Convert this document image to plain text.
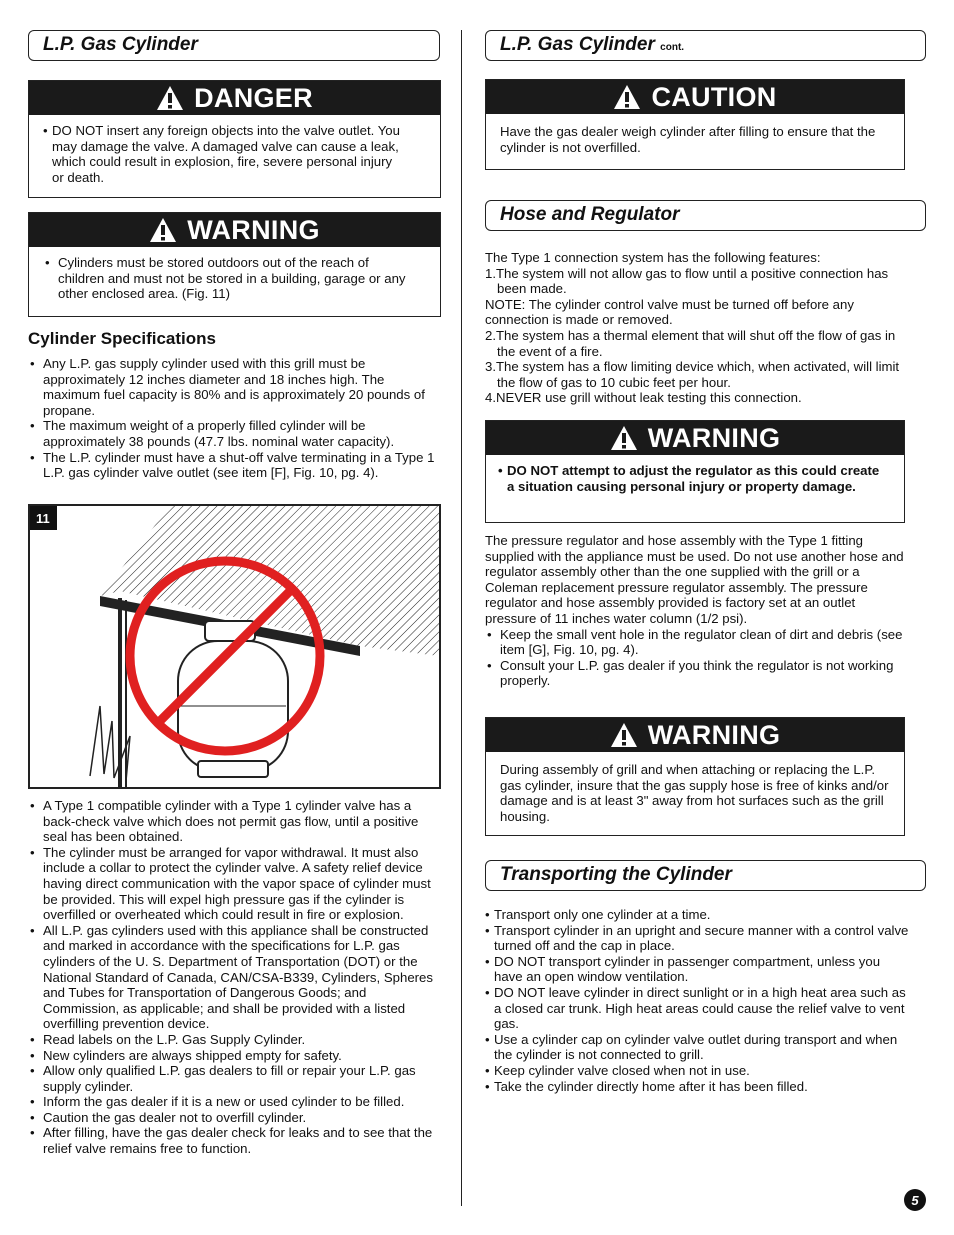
L.P. Gas Cylinder
DANGER
• DO NOT insert any foreign objects into the valve outlet. You may damage the valve. A damaged valve can cause a leak, which could result in explosion, fire, severe personal injury or death.
WARNING
• Cylinders must be stored outdoors out of the reach of children and must not be stored in a building, garage or any other enclosed area. (Fig. 11)
Cylinder Specifications
• Any L.P. gas supply cylinder used with this grill must be approximately 12 inches diameter and 18 inches high. The maximum fuel capacity is 80% and is approximately 20 pounds of propane.
• The maximum weight of a properly filled cylinder will be approximately 38 pounds (47.7 lbs. nominal water capacity).
• The L.P. cylinder must have a shut-off valve terminating in a Type 1 L.P. gas cylinder valve outlet (see item [F], Fig. 10, pg. 4).
11
• A Type 1 compatible cylinder with a Type 1 cylinder valve has a back-check valve which does not permit gas flow, until a positive seal has been obtained.
• The cylinder must be arranged for vapor withdrawal. It must also include a collar to protect the cylinder valve. A safety relief device having direct communication with the vapor space of cylinder must be provided. This will expel high pressure gas if the cylinder is overfilled or overheated which could result in fire or explosion.
• All L.P. gas cylinders used with this appliance shall be constructed and marked in accordance with the specifications for L.P. gas cylinders of the U. S. Department of Transportation (DOT) or the National Standard of Canada, CAN/CSA-B339, Cylinders, Spheres and Tubes for Transportation of Dangerous Goods; and Commission, as applicable; and shall be provided with a listed overfilling prevention device.
• Read labels on the L.P. Gas Supply Cylinder.
• New cylinders are always shipped empty for safety.
• Allow only qualified L.P. gas dealers to fill or repair your L.P. gas supply cylinder.
• Inform the gas dealer if it is a new or used cylinder to be filled.
• Caution the gas dealer not to overfill cylinder.
• After filling, have the gas dealer check for leaks and to see that the relief valve remains free to function.
L.P. Gas Cylinder cont.
CAUTION

Have the gas dealer weigh cylinder after filling to ensure that the cylinder is not overfilled.

Hose and Regulator

The Type 1 connection system has the following features:

1.The system will not allow gas to flow until a positive connection has been made.

NOTE: The cylinder control valve must be turned off before any connection is made or removed.

2.The system has a thermal element that will shut off the flow of gas in the event of a fire.

3.The system has a flow limiting device which, when activated, will limit the flow of gas to 10 cubic feet per hour.

4.NEVER use grill without leak testing this connection.

WARNING
• DO NOT attempt to adjust the regulator as this could create a situation causing personal injury or property damage.

The pressure regulator and hose assembly with the Type 1 fitting supplied with the appliance must be used. Do not use another hose and regulator assembly other than the one supplied with the grill or a Coleman replacement pressure regulator assembly. The pressure regulator and hose assembly provided is factory set at an outlet pressure of 11 inches water column (1/2 psi).

• Keep the small vent hole in the regulator clean of dirt and debris (see item [G], Fig. 10, pg. 4).
• Consult your L.P. gas dealer if you think the regulator is not working properly.
WARNING

During assembly of grill and when attaching or replacing the L.P. gas cylinder, insure that the gas supply hose is free of kinks and/or damage and is at least 3" away from hot surfaces such as the grill housing.

Transporting the Cylinder
• Transport only one cylinder at a time.
• Transport cylinder in an upright and secure manner with a control valve turned off and the cap in place.
• DO NOT transport cylinder in passenger compartment, unless you have an open window ventilation.
• DO NOT leave cylinder in direct sunlight or in a high heat area such as a closed car trunk. High heat areas could cause the relief valve to vent gas.
• Use a cylinder cap on cylinder valve outlet during transport and when the cylinder is not connected to grill.
• Keep cylinder valve closed when not in use.
• Take the cylinder directly home after it has been filled.
5
